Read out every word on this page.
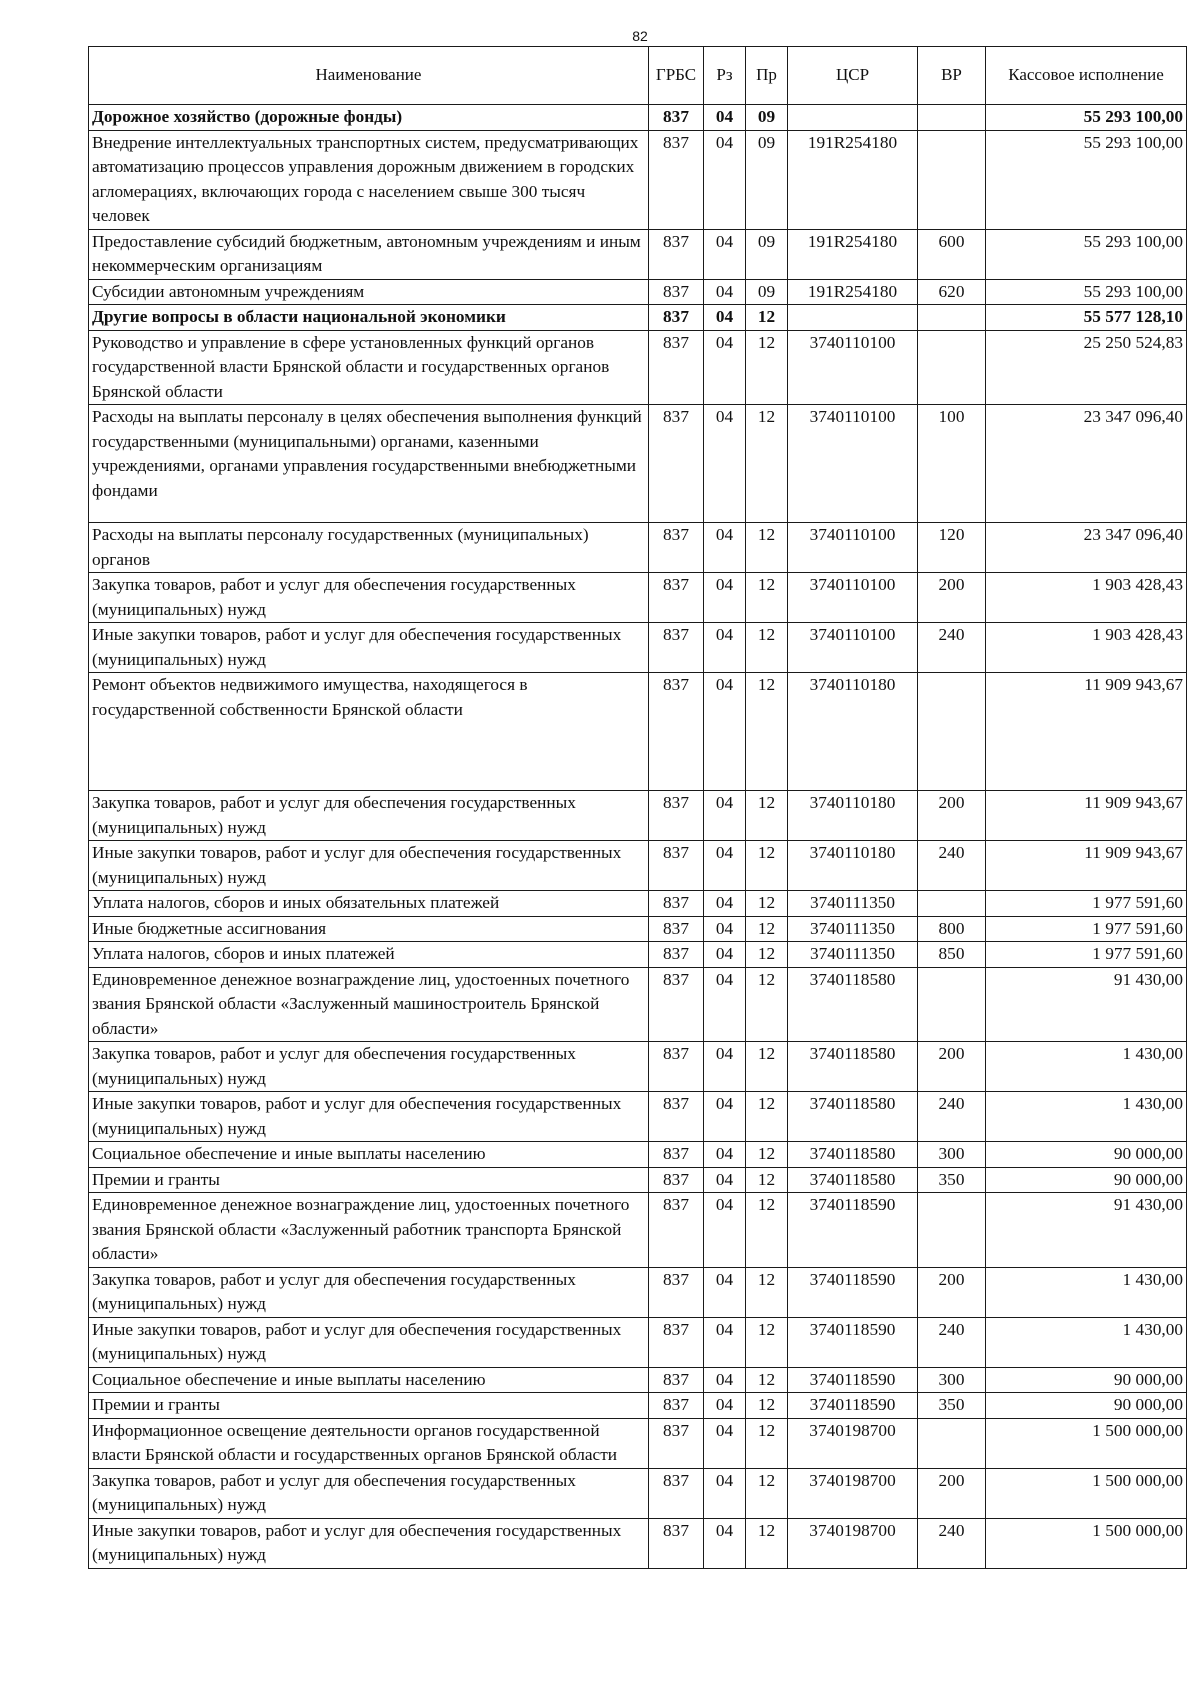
82
Наименование	ГРБС	Рз	Пр	ЦСР	ВР	Кассовое исполнение
Дорожное хозяйство (дорожные фонды)	837	04	09			55 293 100,00
Внедрение интеллектуальных транспортных систем, предусматривающих автоматизацию процессов управления дорожным движением в городских агломерациях, включающих города с населением свыше 300 тысяч человек	837	04	09	191R254180		55 293 100,00
Предоставление субсидий бюджетным, автономным учреждениям и иным некоммерческим организациям	837	04	09	191R254180	600	55 293 100,00
Субсидии автономным учреждениям	837	04	09	191R254180	620	55 293 100,00
Другие вопросы в области национальной экономики	837	04	12			55 577 128,10
Руководство и управление в сфере установленных функций органов государственной власти Брянской области и государственных органов Брянской области	837	04	12	3740110100		25 250 524,83
Расходы на выплаты персоналу в целях обеспечения выполнения функций государственными (муниципальными) органами, казенными учреждениями, органами управления государственными внебюджетными фондами	837	04	12	3740110100	100	23 347 096,40
Расходы на выплаты персоналу государственных (муниципальных) органов	837	04	12	3740110100	120	23 347 096,40
Закупка товаров, работ и услуг для обеспечения государственных (муниципальных) нужд	837	04	12	3740110100	200	1 903 428,43
Иные закупки товаров, работ и услуг для обеспечения государственных (муниципальных) нужд	837	04	12	3740110100	240	1 903 428,43
Ремонт объектов недвижимого имущества, находящегося в государственной собственности Брянской области	837	04	12	3740110180		11 909 943,67
Закупка товаров, работ и услуг для обеспечения государственных (муниципальных) нужд	837	04	12	3740110180	200	11 909 943,67
Иные закупки товаров, работ и услуг для обеспечения государственных (муниципальных) нужд	837	04	12	3740110180	240	11 909 943,67
Уплата налогов, сборов и иных обязательных платежей	837	04	12	3740111350		1 977 591,60
Иные бюджетные ассигнования	837	04	12	3740111350	800	1 977 591,60
Уплата налогов, сборов и иных платежей	837	04	12	3740111350	850	1 977 591,60
Единовременное денежное вознаграждение лиц, удостоенных почетного звания Брянской области «Заслуженный машиностроитель Брянской области»	837	04	12	3740118580		91 430,00
Закупка товаров, работ и услуг для обеспечения государственных (муниципальных) нужд	837	04	12	3740118580	200	1 430,00
Иные закупки товаров, работ и услуг для обеспечения государственных (муниципальных) нужд	837	04	12	3740118580	240	1 430,00
Социальное обеспечение и иные выплаты населению	837	04	12	3740118580	300	90 000,00
Премии и гранты	837	04	12	3740118580	350	90 000,00
Единовременное денежное вознаграждение лиц, удостоенных почетного звания Брянской области «Заслуженный работник транспорта Брянской области»	837	04	12	3740118590		91 430,00
Закупка товаров, работ и услуг для обеспечения государственных (муниципальных) нужд	837	04	12	3740118590	200	1 430,00
Иные закупки товаров, работ и услуг для обеспечения государственных (муниципальных) нужд	837	04	12	3740118590	240	1 430,00
Социальное обеспечение и иные выплаты населению	837	04	12	3740118590	300	90 000,00
Премии и гранты	837	04	12	3740118590	350	90 000,00
Информационное освещение деятельности органов государственной власти Брянской области и государственных органов Брянской области	837	04	12	3740198700		1 500 000,00
Закупка товаров, работ и услуг для обеспечения государственных (муниципальных) нужд	837	04	12	3740198700	200	1 500 000,00
Иные закупки товаров, работ и услуг для обеспечения государственных (муниципальных) нужд	837	04	12	3740198700	240	1 500 000,00
